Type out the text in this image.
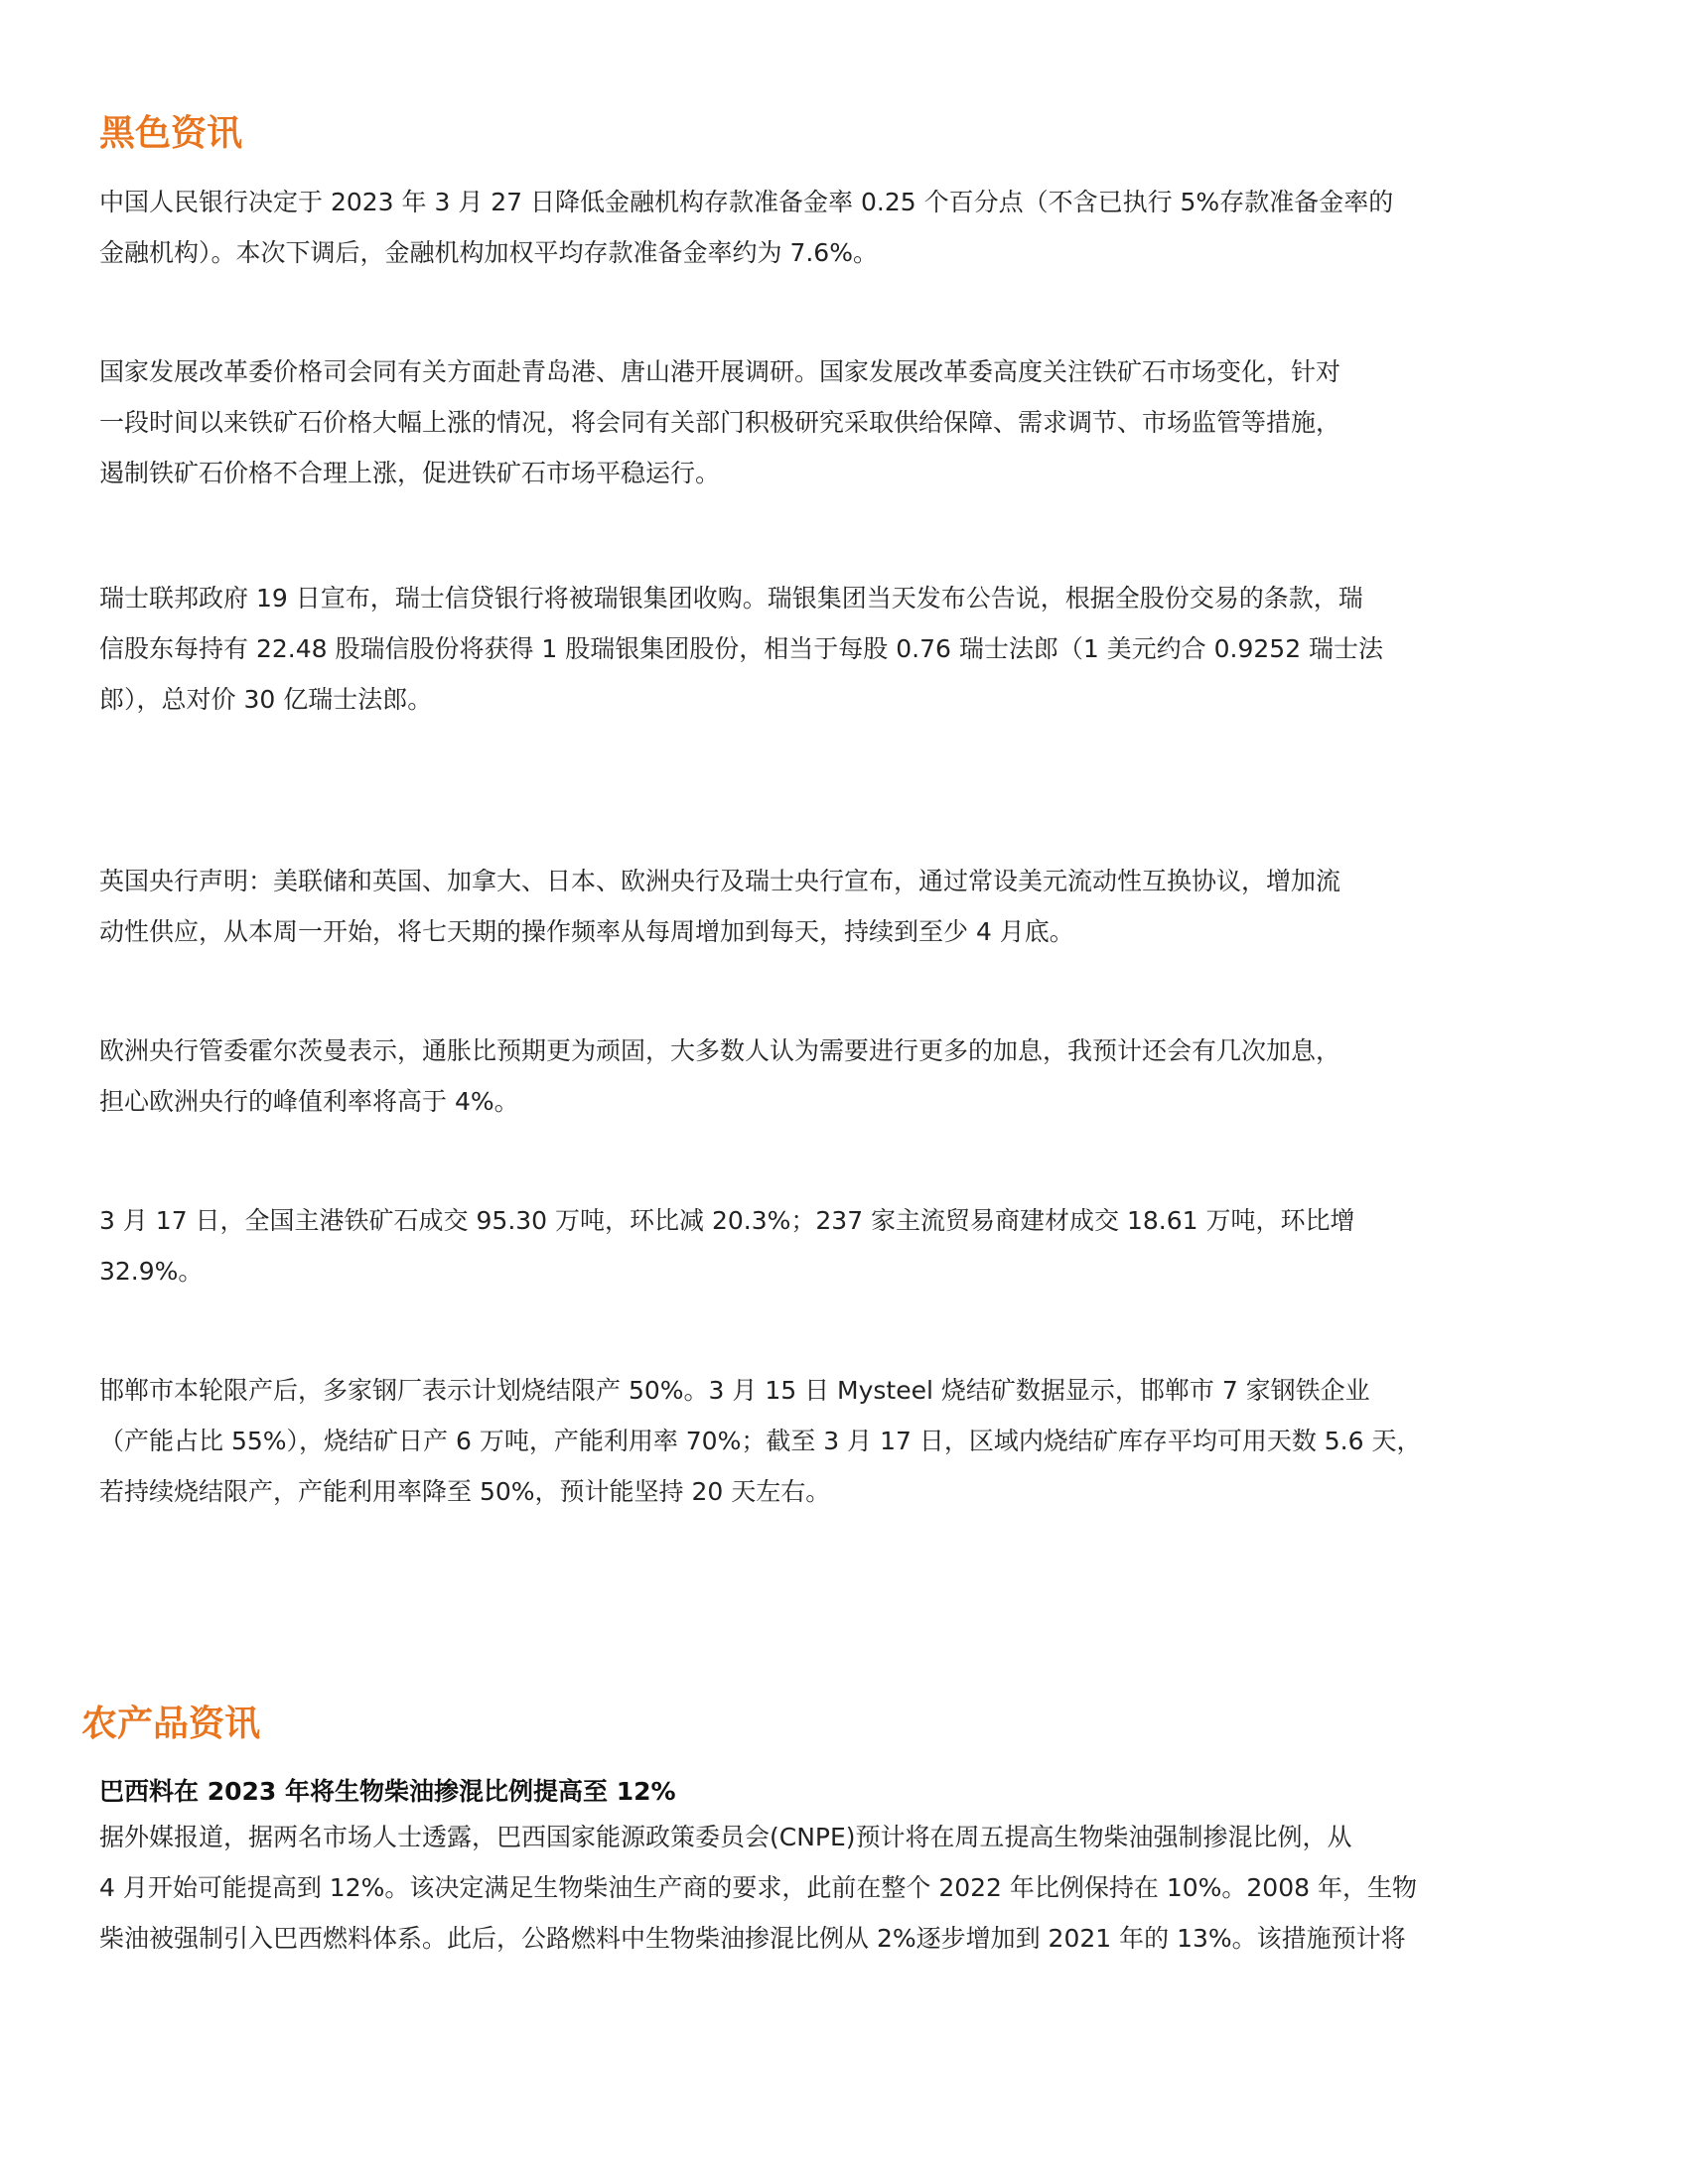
黑色资讯

中国人民银行决定于 2023 年 3 月 27 日降低金融机构存款准备金率 0.25 个百分点（不含已执行 5%存款准备金率的
金融机构）。本次下调后，金融机构加权平均存款准备金率约为 7.6%。

国家发展改革委价格司会同有关方面赴青岛港、唐山港开展调研。国家发展改革委高度关注铁矿石市场变化，针对
一段时间以来铁矿石价格大幅上涨的情况，将会同有关部门积极研究采取供给保障、需求调节、市场监管等措施，
遏制铁矿石价格不合理上涨，促进铁矿石市场平稳运行。

瑞士联邦政府 19 日宣布，瑞士信贷银行将被瑞银集团收购。瑞银集团当天发布公告说，根据全股份交易的条款，瑞
信股东每持有 22.48 股瑞信股份将获得 1 股瑞银集团股份，相当于每股 0.76 瑞士法郎（1 美元约合 0.9252 瑞士法
郎），总对价 30 亿瑞士法郎。

英国央行声明：美联储和英国、加拿大、日本、欧洲央行及瑞士央行宣布，通过常设美元流动性互换协议，增加流
动性供应，从本周一开始，将七天期的操作频率从每周增加到每天，持续到至少 4 月底。

欧洲央行管委霍尔茨曼表示，通胀比预期更为顽固，大多数人认为需要进行更多的加息，我预计还会有几次加息，
担心欧洲央行的峰值利率将高于 4%。

3 月 17 日，全国主港铁矿石成交 95.30 万吨，环比减 20.3%；237 家主流贸易商建材成交 18.61 万吨，环比增
32.9%。

邯郸市本轮限产后，多家钢厂表示计划烧结限产 50%。3 月 15 日 Mysteel 烧结矿数据显示，邯郸市 7 家钢铁企业
（产能占比 55%），烧结矿日产 6 万吨，产能利用率 70%；截至 3 月 17 日，区域内烧结矿库存平均可用天数 5.6 天，
若持续烧结限产，产能利用率降至 50%，预计能坚持 20 天左右。

农产品资讯
巴西料在 2023 年将生物柴油掺混比例提高至 12%

据外媒报道，据两名市场人士透露，巴西国家能源政策委员会(CNPE)预计将在周五提高生物柴油强制掺混比例，从
4 月开始可能提高到 12%。该决定满足生物柴油生产商的要求，此前在整个 2022 年比例保持在 10%。2008 年，生物
柴油被强制引入巴西燃料体系。此后，公路燃料中生物柴油掺混比例从 2%逐步增加到 2021 年的 13%。该措施预计将
